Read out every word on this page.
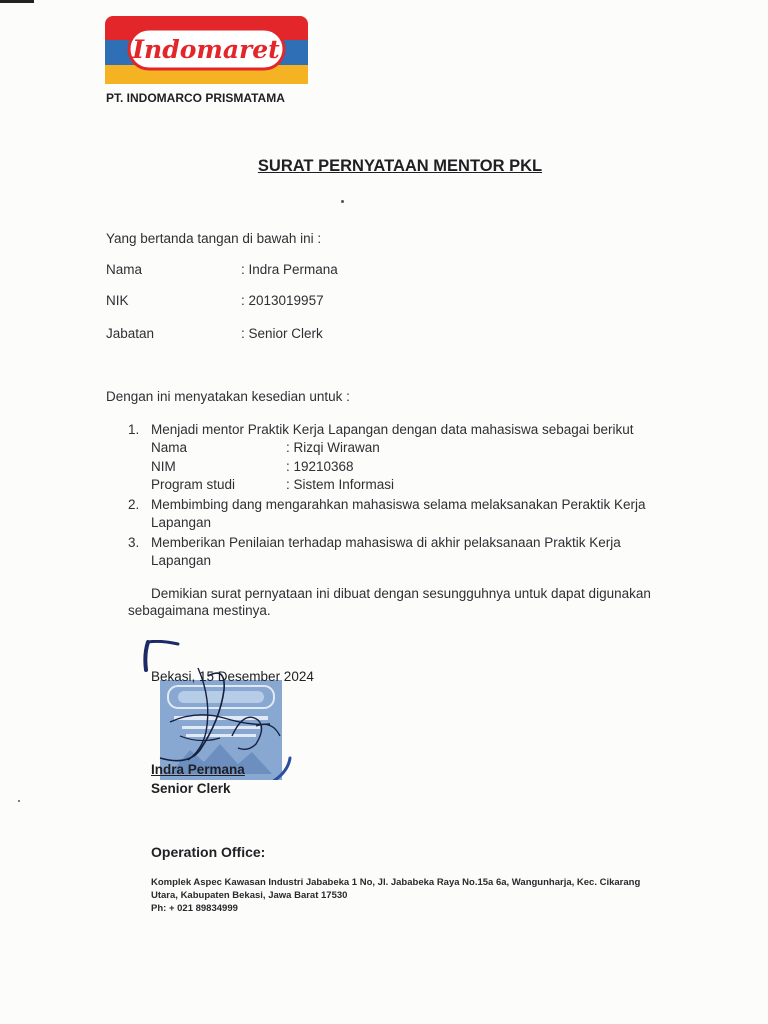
Indomaret
PT. INDOMARCO PRISMATAMA
SURAT PERNYATAAN MENTOR PKL
Yang bertanda tangan di bawah ini :
Nama	: Indra Permana
NIK	: 2013019957
Jabatan	: Senior Clerk
Dengan ini menyatakan kesedian untuk :
1. Menjadi mentor Praktik Kerja Lapangan dengan data mahasiswa sebagai berikut
Nama	: Rizqi Wirawan
NIM	: 19210368
Program studi	: Sistem Informasi
2. Membimbing dang mengarahkan mahasiswa selama melaksanakan Peraktik Kerja
Lapangan
3. Memberikan Penilaian terhadap mahasiswa di akhir pelaksanaan Praktik Kerja
Lapangan
Demikian surat pernyataan ini dibuat dengan sesungguhnya untuk dapat digunakan
sebagaimana mestinya.
Bekasi, 15 Desember 2024
Indra Permana
Senior Clerk
Operation Office:
Komplek Aspec Kawasan Industri Jababeka 1 No, Jl. Jababeka Raya No.15a 6a, Wangunharja, Kec. Cikarang
Utara, Kabupaten Bekasi, Jawa Barat 17530
Ph: + 021 89834999
